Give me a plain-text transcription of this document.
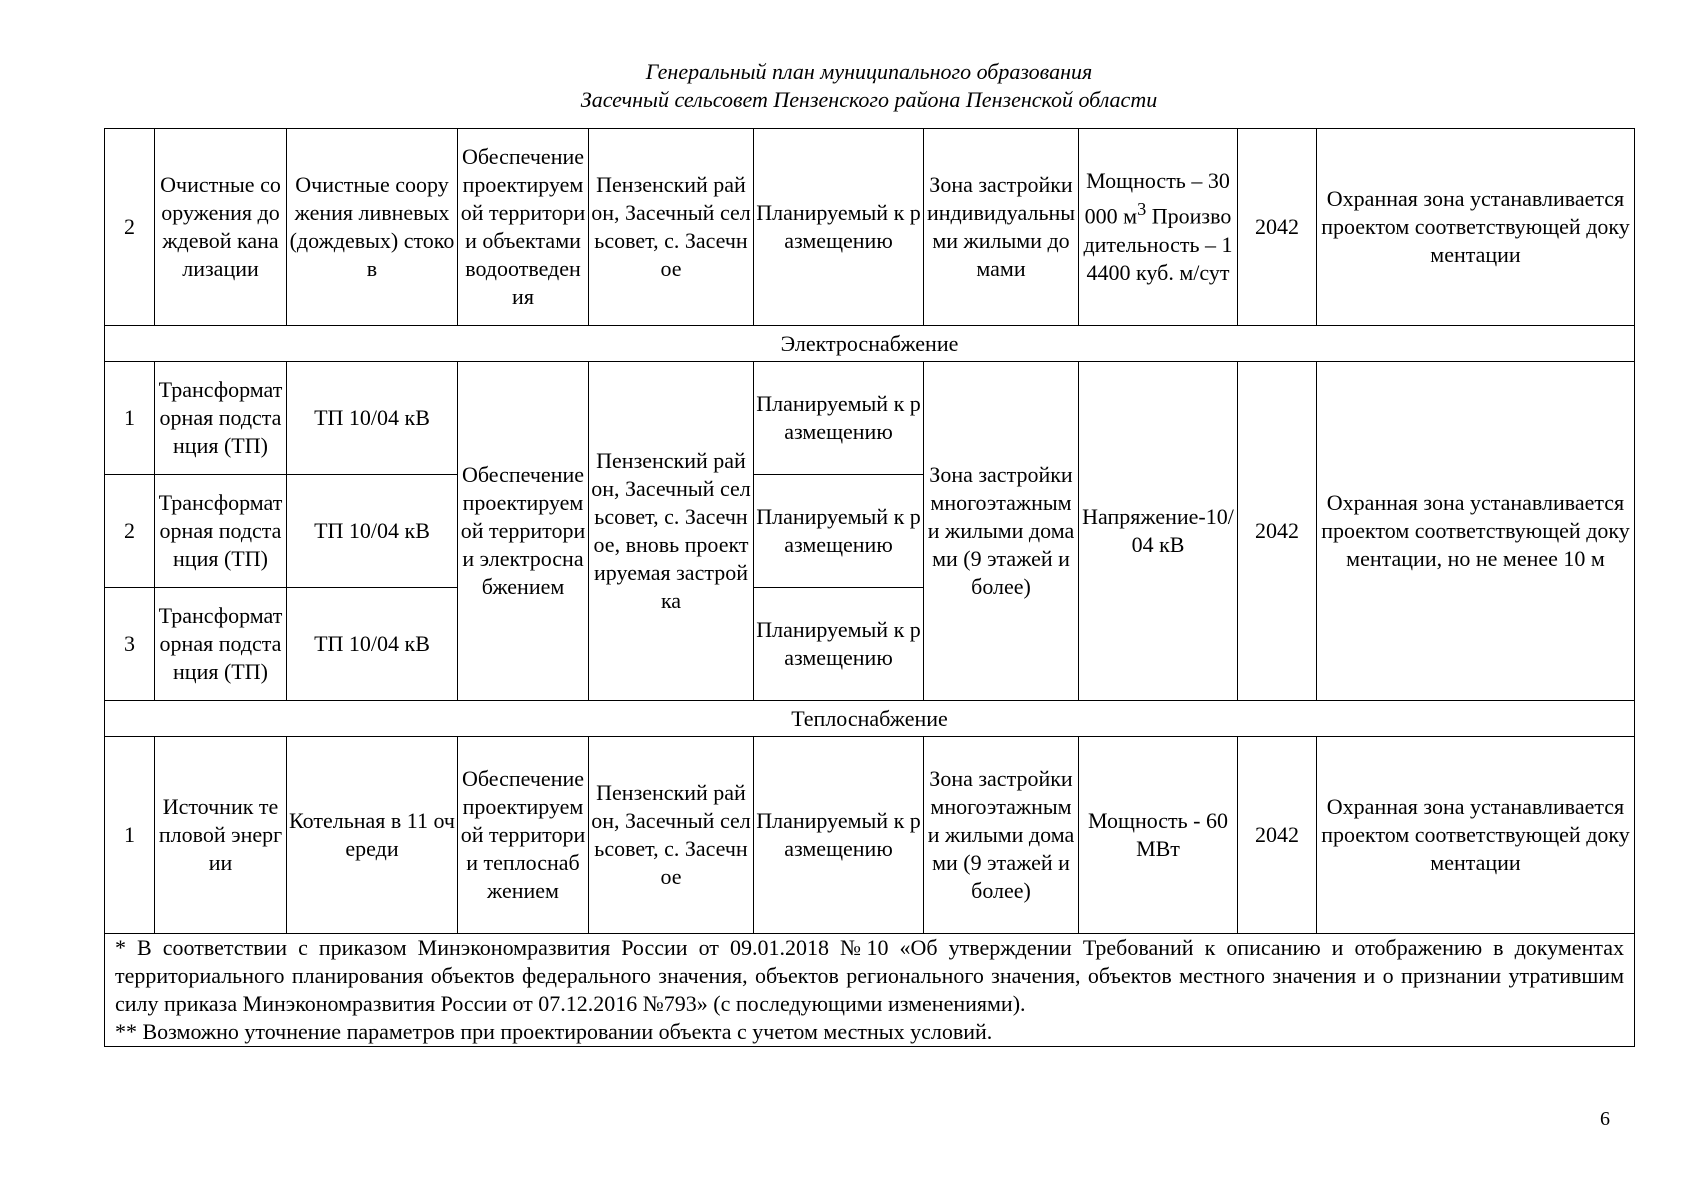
Генеральный план муниципального образования
Засечный сельсовет Пензенского района Пензенской области
2	Очистные сооружения дождевой канализации	Очистные сооружения ливневых (дождевых) стоков	Обеспечение проектируемой территории объектами водоотведения	Пензенский район, Засечный сельсовет, с. Засечное	Планируемый к размещению	Зона застройки индивидуальными жилыми домами	Мощность – 30000 $м^3$ Производительность – 14400 куб. м/сут	2042	Охранная зона устанавливается проектом соответствующей документации
Электроснабжение									
1	Трансформаторная подстанция (ТП)	ТП 10/04 кВ	Обеспечение проектируемой территории электроснабжением	Пензенский район, Засечный сельсовет, с. Засечное, вновь проектируемая застройка	Планируемый к размещению	Зона застройки многоэтажными жилыми домами (9 этажей и более)	Напряжение-10/04 кВ	2042	Охранная зона устанавливается проектом соответствующей документации, но не менее 10 м
2	Трансформаторная подстанция (ТП)	ТП 10/04 кВ			Планируемый к размещению				
3	Трансформаторная подстанция (ТП)	ТП 10/04 кВ			Планируемый к размещению				
Теплоснабжение									
1	Источник тепловой энергии	Котельная в 11 очереди	Обеспечение проектируемой территории теплоснабжением	Пензенский район, Засечный сельсовет, с. Засечное	Планируемый к размещению	Зона застройки многоэтажными жилыми домами (9 этажей и более)	Мощность - 60 МВт	2042	Охранная зона устанавливается проектом соответствующей документации

* В соответствии с приказом Минэкономразвития России от 09.01.2018 №10 «Об утверждении Требований к описанию и отображению в документах территориального планирования объектов федерального значения, объектов регионального значения, объектов местного значения и о признании утратившим силу приказа Минэкономразвития России от 07.12.2016 №793» (с последующими изменениями).

** Возможно уточнение параметров при проектировании объекта с учетом местных условий.									

6
